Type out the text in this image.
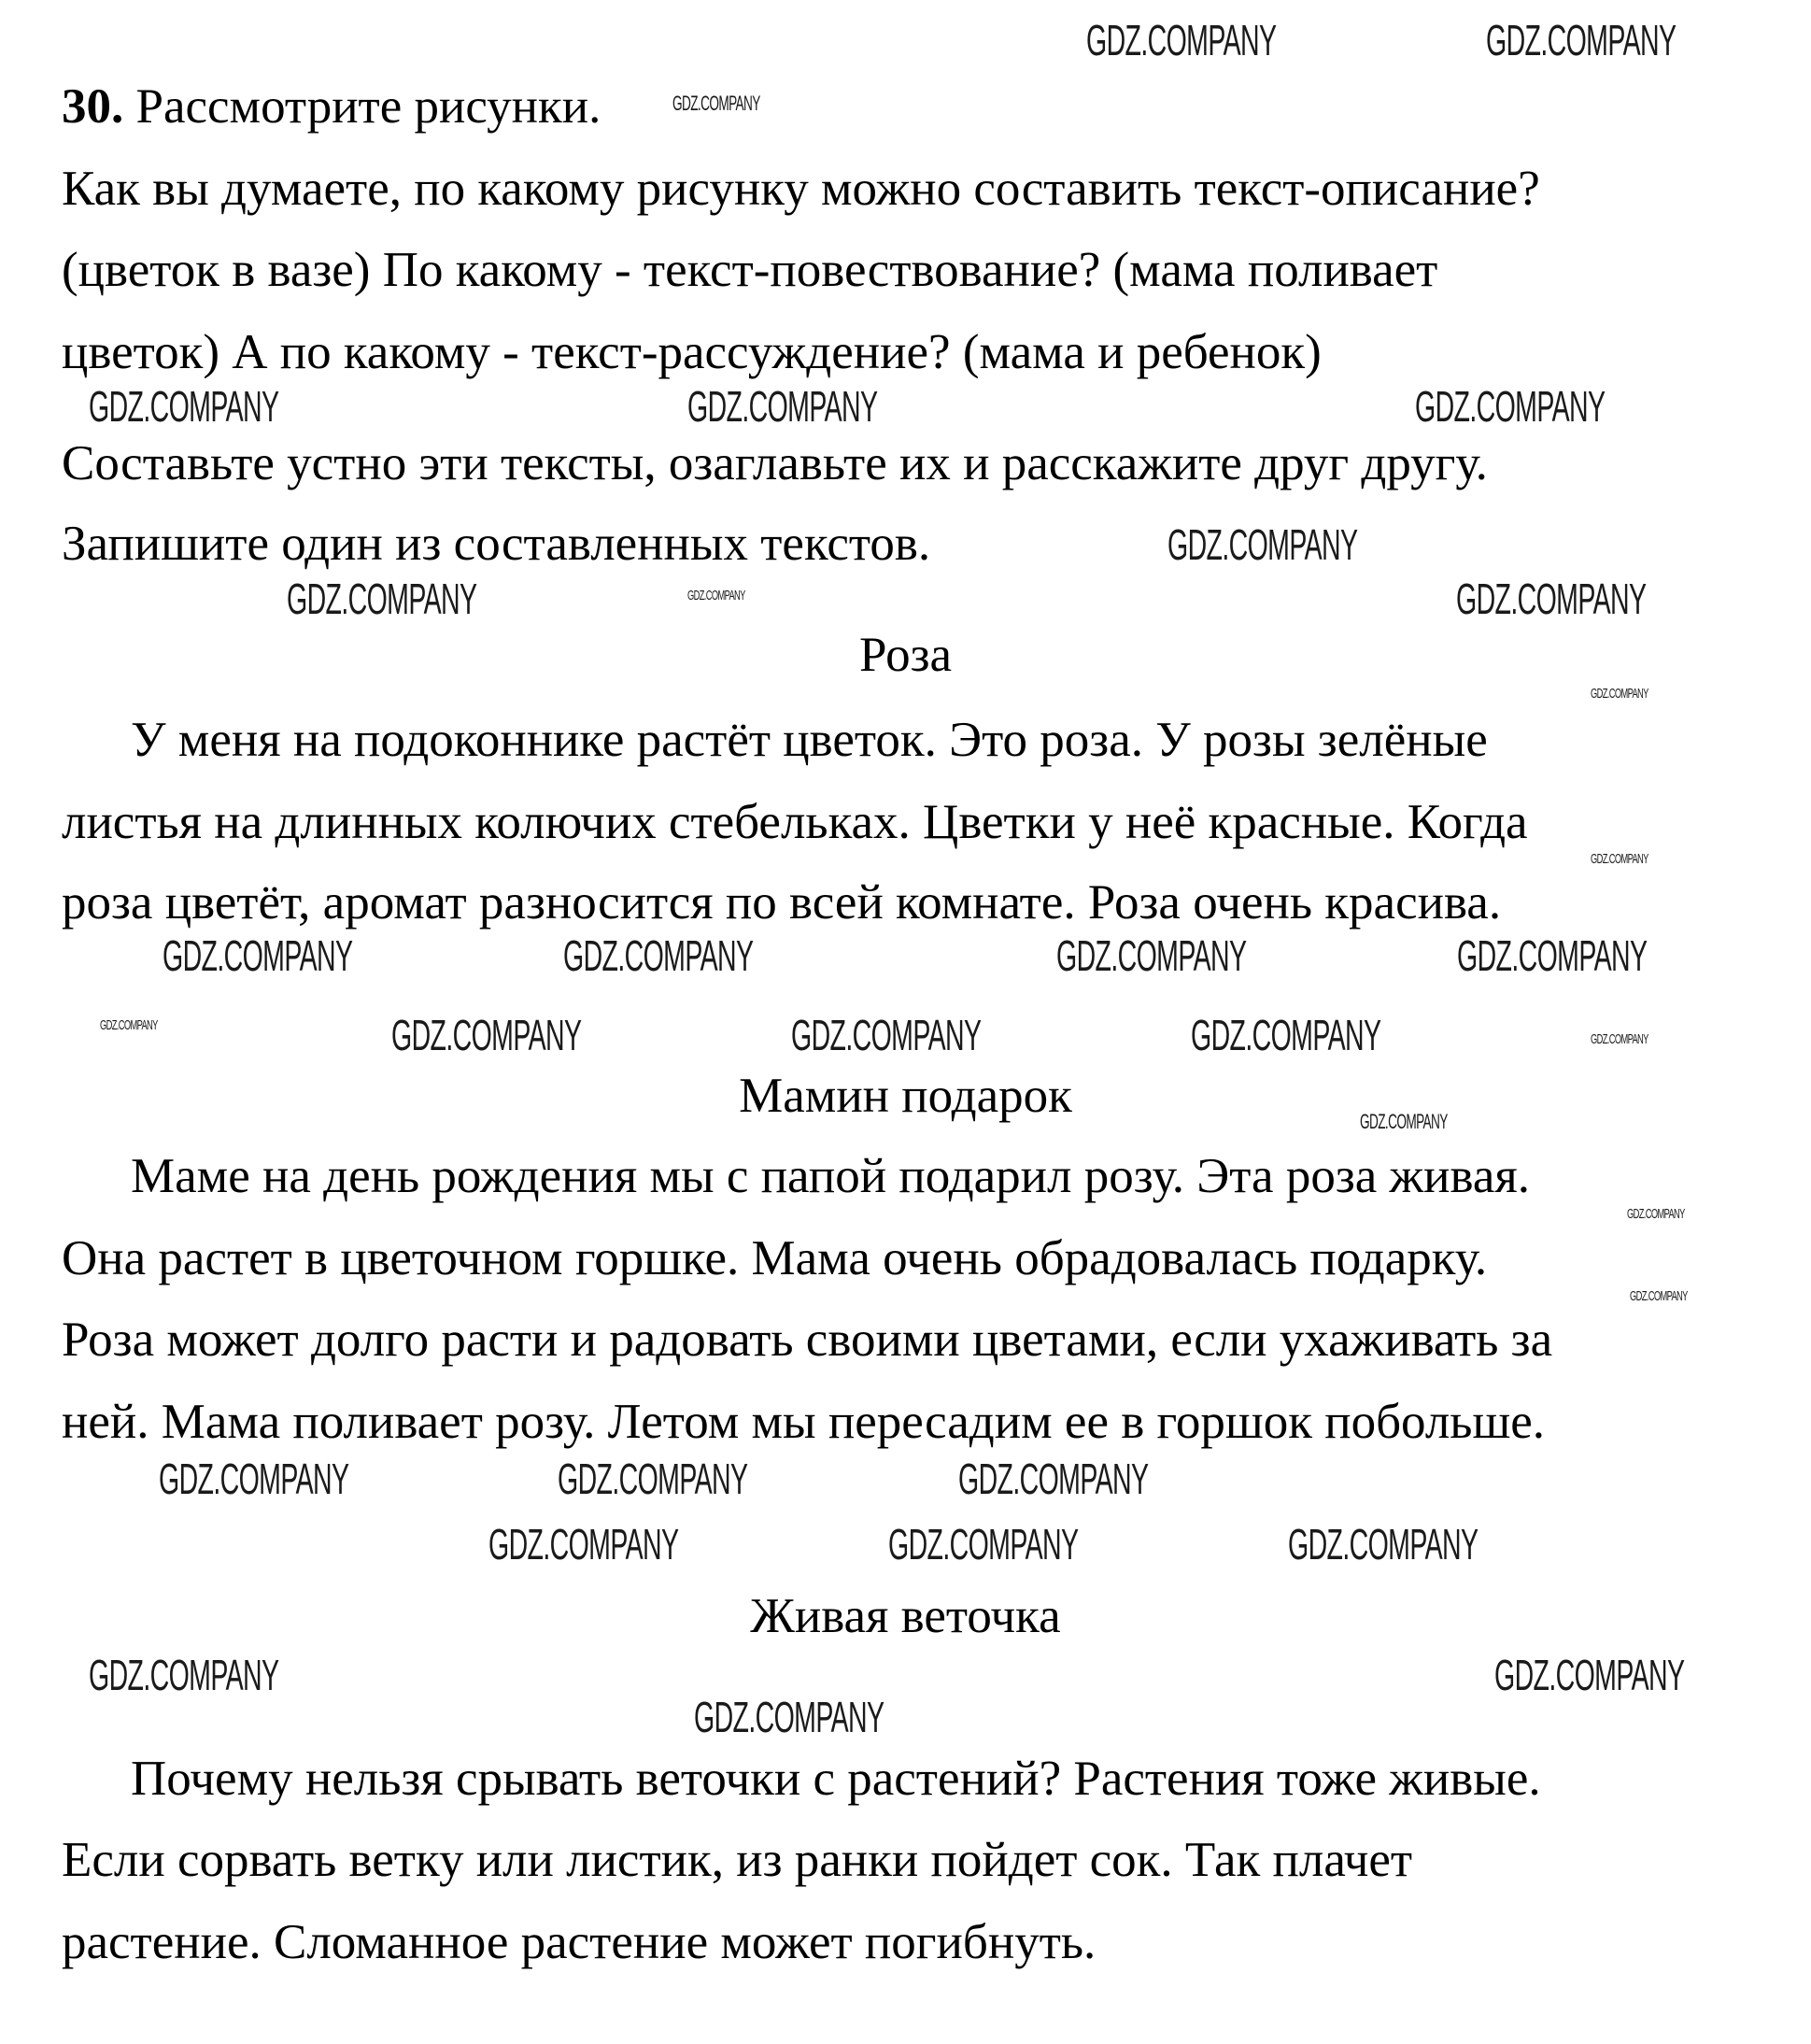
30. Рассмотрите рисунки.
Как вы думаете, по какому рисунку можно составить текст-описание?
(цветок в вазе) По какому - текст-повествование? (мама поливает
цветок) А по какому - текст-рассуждение? (мама и ребенок)
Составьте устно эти тексты, озаглавьте их и расскажите друг другу.
Запишите один из составленных текстов.
Роза
У меня на подоконнике растёт цветок. Это роза. У розы зелёные
листья на длинных колючих стебельках. Цветки у неё красные. Когда
роза цветёт, аромат разносится по всей комнате. Роза очень красива.
Мамин подарок
Маме на день рождения мы с папой подарил розу. Эта роза живая.
Она растет в цветочном горшке. Мама очень обрадовалась подарку.
Роза может долго расти и радовать своими цветами, если ухаживать за
ней. Мама поливает розу. Летом мы пересадим ее в горшок побольше.
Живая веточка
Почему нельзя срывать веточки с растений? Растения тоже живые.
Если сорвать ветку или листик, из ранки пойдет сок. Так плачет
растение. Сломанное растение может погибнуть.
GDZ.COMPANY
GDZ.COMPANY	GDZ.COMPANY
GDZ.COMPANY	GDZ.COMPANY	GDZ.COMPANY
GDZ.COMPANY
GDZ.COMPANY	GDZ.COMPANY
GDZ.COMPANY
GDZ.COMPANY
GDZ.COMPANY
GDZ.COMPANY	GDZ.COMPANY	GDZ.COMPANY	GDZ.COMPANY
GDZ.COMPANY	GDZ.COMPANY	GDZ.COMPANY
GDZ.COMPANY
GDZ.COMPANY
GDZ.COMPANY
GDZ.COMPANY
GDZ.COMPANY
GDZ.COMPANY	GDZ.COMPANY	GDZ.COMPANY
GDZ.COMPANY	GDZ.COMPANY	GDZ.COMPANY
GDZ.COMPANY	GDZ.COMPANY
GDZ.COMPANY
